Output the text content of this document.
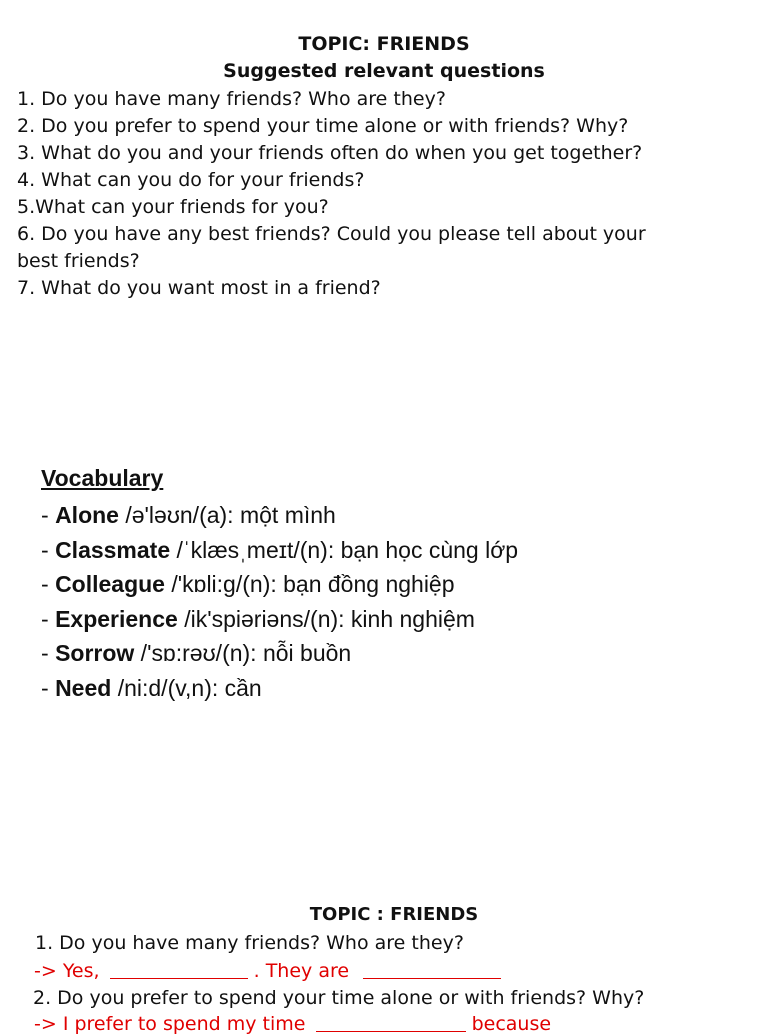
TOPIC: FRIENDS
Suggested relevant questions
1. Do you have many friends? Who are they?
2. Do you prefer to spend your time alone or with friends? Why?
3. What do you and your friends often do when you get together?
4. What can you do for your friends?
5.What can your friends for you?
6. Do you have any best friends? Could you please tell about your
best friends?
7. What do you want most in a friend?
Vocabulary
- Alone /ə'ləʊn/(a): một mình
- Classmate /ˈklæsˌmeɪt/(n): bạn học cùng lớp
- Colleague /'kɒli:g/(n): bạn đồng nghiệp
- Experience /ik'spiəriəns/(n): kinh nghiệm
- Sorrow /'sɒ:rəʊ/(n): nỗi buồn
- Need /ni:d/(v,n): cần
TOPIC : FRIENDS
1. Do you have many friends? Who are they?
-> Yes,	. They are
2. Do you prefer to spend your time alone or with friends? Why?
-> I prefer to spend my time	because
